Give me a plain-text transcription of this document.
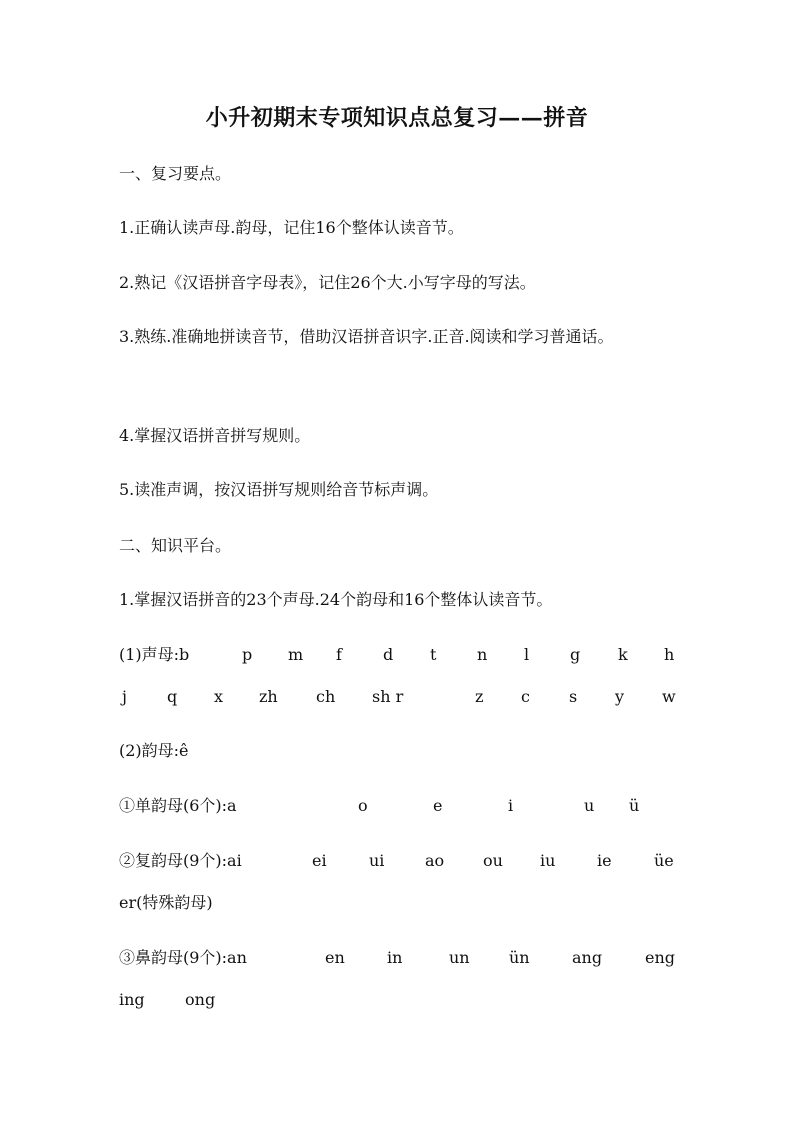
小升初期末专项知识点总复习——拼音
一、复习要点。
1.正确认读声母.韵母，记住16个整体认读音节。
2.熟记《汉语拼音字母表》，记住26个大.小写字母的写法。
3.熟练.准确地拼读音节，借助汉语拼音识字.正音.阅读和学习普通话。
4.掌握汉语拼音拼写规则。
5.读准声调，按汉语拼写规则给音节标声调。
二、知识平台。
1.掌握汉语拼音的23个声母.24个韵母和16个整体认读音节。
(1)声母:b	p m f	d t	n l	g k h
j	q x zh ch sh r	z c s y w
(2)韵母:ê
①单韵母(6个):a	o	e	i	u ü
②复韵母(9个):ai	ei	ui	ao ou iu	ie	üe
er(特殊韵母)
③鼻韵母(9个):an	en	in	un ün	ang	eng
ing	ong
